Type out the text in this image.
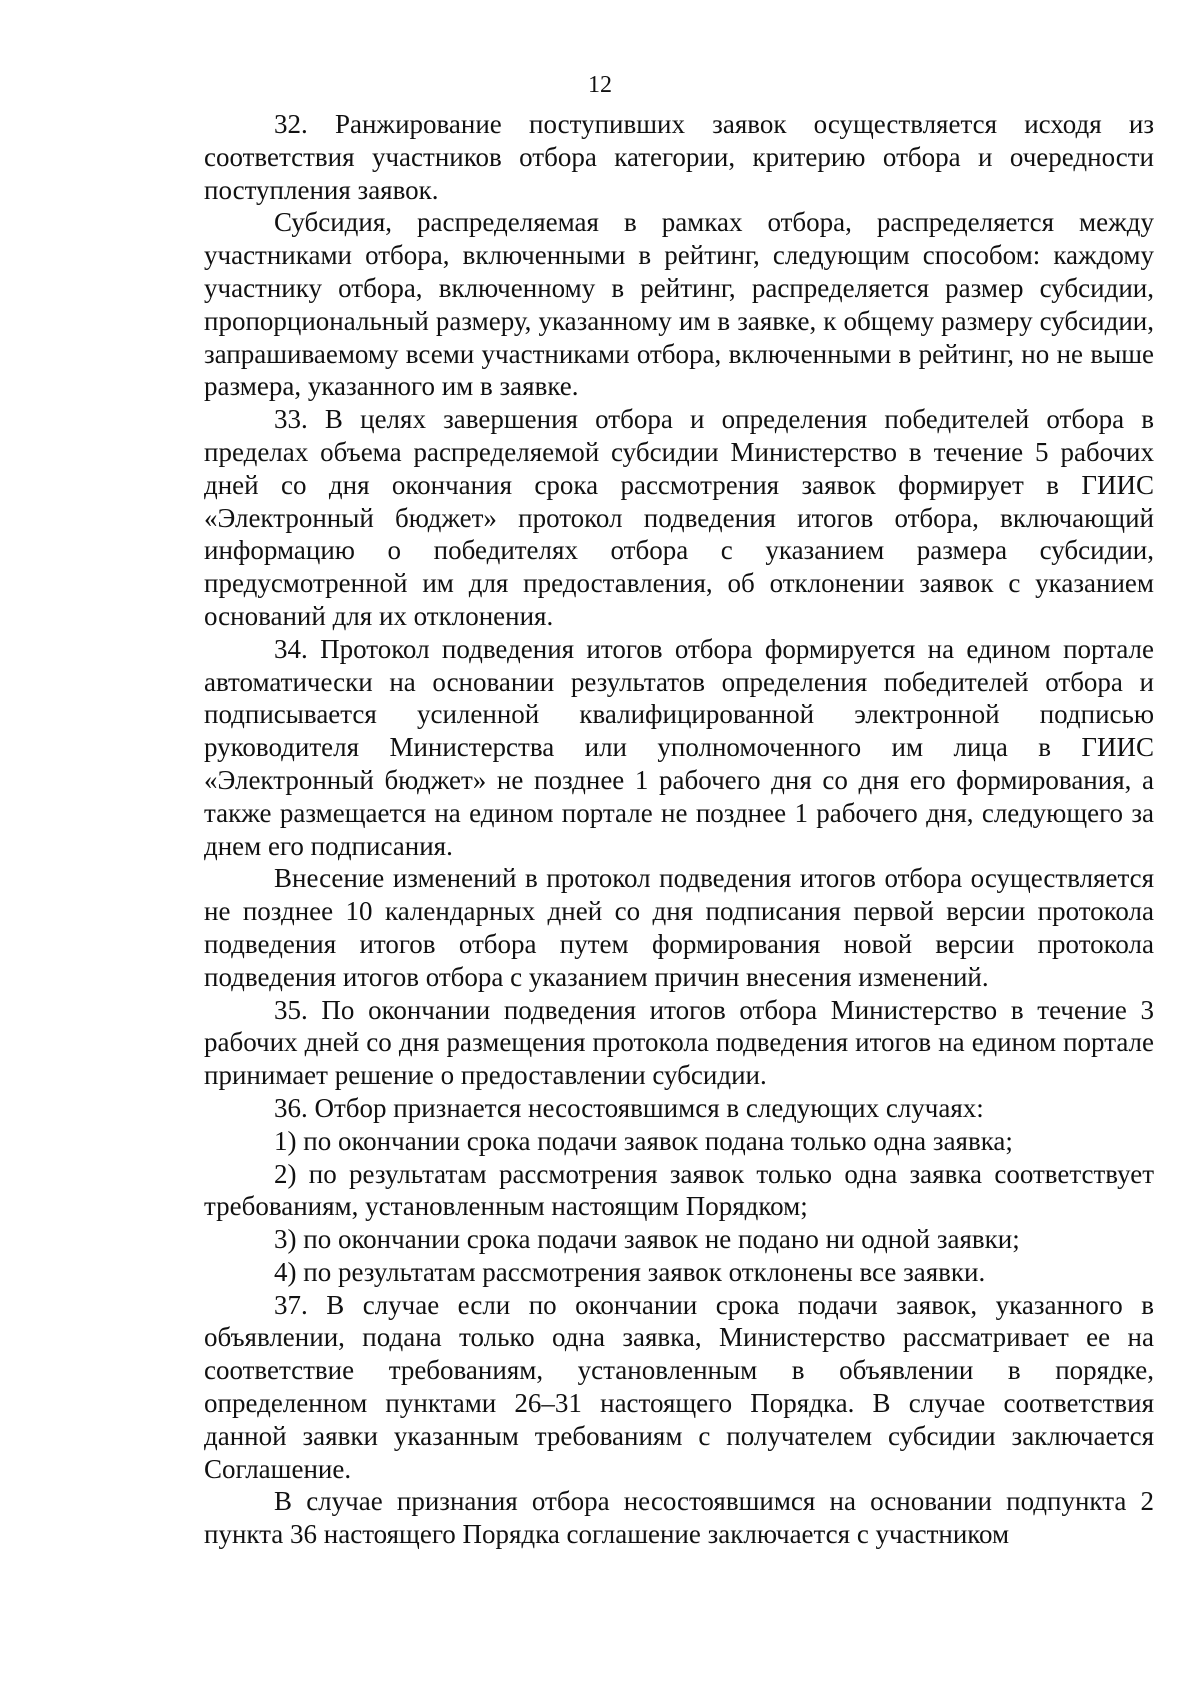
12

32. Ранжирование поступивших заявок осуществляется исходя из соответствия участников отбора категории, критерию отбора и очередности поступления заявок.

Субсидия, распределяемая в рамках отбора, распределяется между участниками отбора, включенными в рейтинг, следующим способом: каждому участнику отбора, включенному в рейтинг, распределяется размер субсидии, пропорциональный размеру, указанному им в заявке, к общему размеру субсидии, запрашиваемому всеми участниками отбора, включенными в рейтинг, но не выше размера, указанного им в заявке.

33. В целях завершения отбора и определения победителей отбора в пределах объема распределяемой субсидии Министерство в течение 5 рабочих дней со дня окончания срока рассмотрения заявок формирует в ГИИС «Электронный бюджет» протокол подведения итогов отбора, включающий информацию о победителях отбора с указанием размера субсидии, предусмотренной им для предоставления, об отклонении заявок с указанием оснований для их отклонения.

34. Протокол подведения итогов отбора формируется на едином портале автоматически на основании результатов определения победителей отбора и подписывается усиленной квалифицированной электронной подписью руководителя Министерства или уполномоченного им лица в ГИИС «Электронный бюджет» не позднее 1 рабочего дня со дня его формирования, а также размещается на едином портале не позднее 1 рабочего дня, следующего за днем его подписания.

Внесение изменений в протокол подведения итогов отбора осуществляется не позднее 10 календарных дней со дня подписания первой версии протокола подведения итогов отбора путем формирования новой версии протокола подведения итогов отбора с указанием причин внесения изменений.

35. По окончании подведения итогов отбора Министерство в течение 3 рабочих дней со дня размещения протокола подведения итогов на едином портале принимает решение о предоставлении субсидии.

36. Отбор признается несостоявшимся в следующих случаях:

1) по окончании срока подачи заявок подана только одна заявка;

2) по результатам рассмотрения заявок только одна заявка соответствует требованиям, установленным настоящим Порядком;

3) по окончании срока подачи заявок не подано ни одной заявки;

4) по результатам рассмотрения заявок отклонены все заявки.

37. В случае если по окончании срока подачи заявок, указанного в объявлении, подана только одна заявка, Министерство рассматривает ее на соответствие требованиям, установленным в объявлении в порядке, определенном пунктами 26–31 настоящего Порядка. В случае соответствия данной заявки указанным требованиям с получателем субсидии заключается Соглашение.

В случае признания отбора несостоявшимся на основании подпункта 2 пункта 36 настоящего Порядка соглашение заключается с участником
